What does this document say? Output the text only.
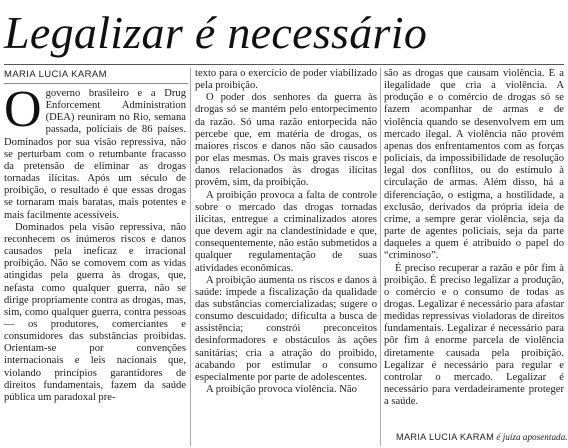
Legalizar é necessário
MARIA LUCIA KARAM

O governo brasileiro e a Drug Enforcement Administration (DEA) reuniram no Rio, semana passada, policiais de 86 países. Dominados por sua visão repressiva, não se perturbam com o retumbante fracasso da pretensão de eliminar as drogas tornadas ilícitas. Após um século de proibição, o resultado é que essas drogas se tornaram mais baratas, mais potentes e mais facilmente acessíveis.

Dominados pela visão repressiva, não reconhecem os inúmeros riscos e danos causados pela ineficaz e irracional proibição. Não se comovem com as vidas atingidas pela guerra às drogas, que, nefasta como qualquer guerra, não se dirige propriamente contra as drogas, mas, sim, como qualquer guerra, contra pessoas — os produtores, comerciantes e consumidores das substâncias proibidas. Orientam-se por convenções internacionais e leis nacionais que, violando princípios garantidores de direitos fundamentais, fazem da saúde pública um paradoxal pre-

texto para o exercício de poder viabilizado pela proibição.

O poder dos senhores da guerra às drogas só se mantém pelo entorpecimento da razão. Só uma razão entorpecida não percebe que, em matéria de drogas, os maiores riscos e danos não são causados por elas mesmas. Os mais graves riscos e danos relacionados às drogas ilícitas provêm, sim, da proibição.

A proibição provoca a falta de controle sobre o mercado das drogas tornadas ilícitas, entregue a criminalizados atores que devem agir na clandestinidade e que, consequentemente, não estão submetidos a qualquer regulamentação de suas atividades econômicas.

A proibição aumenta os riscos e danos à saúde: impede a fiscalização da qualidade das substâncias comercializadas; sugere o consumo descuidado; dificulta a busca de assistência; constrói preconceitos desinformadores e obstáculos às ações sanitárias; cria a atração do proibido, acabando por estimular o consumo especialmente por parte de adolescentes.

A proibição provoca violência. Não

são as drogas que causam violência. É a ilegalidade que cria a violência. A produção e o comércio de drogas só se fazem acompanhar de armas e de violência quando se desenvolvem em um mercado ilegal. A violência não provém apenas dos enfrentamentos com as forças policiais, da impossibilidade de resolução legal dos conflitos, ou do estímulo à circulação de armas. Além disso, há a diferenciação, o estigma, a hostilidade, a exclusão, derivados da própria ideia de crime, a sempre gerar violência, seja da parte de agentes policiais, seja da parte daqueles a quem é atribuído o papel do “criminoso”.

É preciso recuperar a razão e pôr fim à proibição. É preciso legalizar a produção, o comércio e o consumo de todas as drogas. Legalizar é necessário para afastar medidas repressivas violadoras de direitos fundamentais. Legalizar é necessário para pôr fim à enorme parcela de violência diretamente causada pela proibição. Legalizar é necessário para regular e controlar o mercado. Legalizar é necessário para verdadeiramente proteger a saúde.

MARIA LUCIA KARAM é juíza aposentada.
